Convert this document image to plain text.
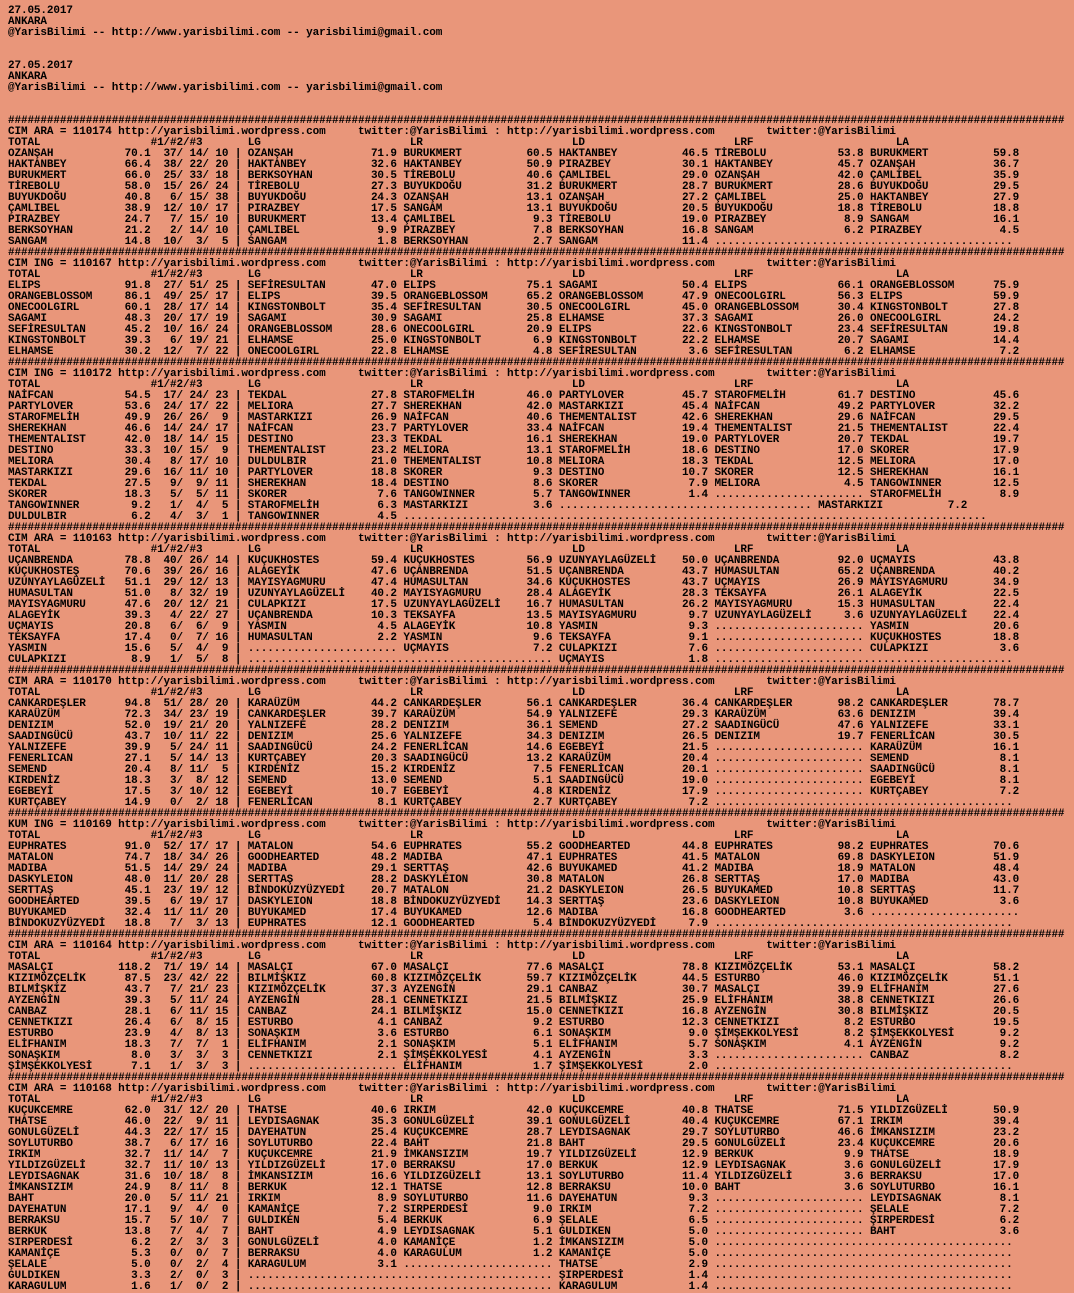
27.05.2017
ANKARA
@YarisBilimi -- http://www.yarisbilimi.com -- yarisbilimi@gmail.com

27.05.2017
ANKARA
@YarisBilimi -- http://www.yarisbilimi.com -- yarisbilimi@gmail.com

###################################################################################################################################################################
CIM ARA = 110174 http://yarisbilimi.wordpress.com     twitter:@YarisBilimi : http://yarisbilimi.wordpress.com        twitter:@YarisBilimi
TOTAL                 #1/#2/#3       LG                       LR                       LD                       LRF                      LA
OZANŞAH           70.1  37/ 14/ 10 | OZANŞAH            71.9 BURUKMERT          60.5 HAKTANBEY          46.5 TİREBOLU           53.8 BURUKMERT          59.8
HAKTANBEY         66.4  38/ 22/ 20 | HAKTANBEY          32.6 HAKTANBEY          50.9 PIRAZBEY           30.1 HAKTANBEY          45.7 OZANŞAH            36.7
BURUKMERT         66.0  25/ 33/ 18 | BERKSOYHAN         30.5 TİREBOLU           40.6 ÇAMLIBEL           29.0 OZANŞAH            42.0 ÇAMLIBEL           35.9
TİREBOLU          58.0  15/ 26/ 24 | TİREBOLU           27.3 BUYUKDOĞU          31.2 BURUKMERT          28.7 BURUKMERT          28.6 BUYUKDOĞU          29.5
BUYUKDOĞU         40.8   6/ 15/ 38 | BUYUKDOĞU          24.3 OZANŞAH            13.1 OZANŞAH            27.2 ÇAMLIBEL           25.0 HAKTANBEY          27.9
ÇAMLIBEL          38.9  12/ 10/ 17 | PIRAZBEY           17.5 SANGAM             13.1 BUYUKDOĞU          20.5 BUYUKDOĞU          18.8 TİREBOLU           18.8
PIRAZBEY          24.7   7/ 15/ 10 | BURUKMERT          13.4 ÇAMLIBEL            9.3 TİREBOLU           19.0 PIRAZBEY            8.9 SANGAM             16.1
BERKSOYHAN        21.2   2/ 14/ 10 | ÇAMLIBEL            9.9 PIRAZBEY            7.8 BERKSOYHAN         16.8 SANGAM              6.2 PIRAZBEY            4.5
SANGAM            14.8  10/  3/  5 | SANGAM              1.8 BERKSOYHAN          2.7 SANGAM             11.4 ..............................................
###################################################################################################################################################################
CIM ING = 110167 http://yarisbilimi.wordpress.com     twitter:@YarisBilimi : http://yarisbilimi.wordpress.com        twitter:@YarisBilimi
TOTAL                 #1/#2/#3       LG                       LR                       LD                       LRF                      LA
ELIPS             91.8  27/ 51/ 25 | SEFİRESULTAN       47.0 ELIPS              75.1 SAGAMI             50.4 ELIPS              66.1 ORANGEBLOSSOM      75.9
ORANGEBLOSSOM     86.1  49/ 25/ 17 | ELIPS              39.5 ORANGEBLOSSOM      65.2 ORANGEBLOSSOM      47.9 ONECOOLGIRL        56.3 ELIPS              59.9
ONECOOLGIRL       60.1  28/ 17/ 14 | KINGSTONBOLT       35.4 SEFİRESULTAN       30.5 ONECOOLGIRL        45.0 ORANGEBLOSSOM      30.4 KINGSTONBOLT       27.8
SAGAMI            48.3  20/ 17/ 19 | SAGAMI             30.9 SAGAMI             25.8 ELHAMSE            37.3 SAGAMI             26.0 ONECOOLGIRL        24.2
SEFİRESULTAN      45.2  10/ 16/ 24 | ORANGEBLOSSOM      28.6 ONECOOLGIRL        20.9 ELIPS              22.6 KINGSTONBOLT       23.4 SEFİRESULTAN       19.8
KINGSTONBOLT      39.3   6/ 19/ 21 | ELHAMSE            25.0 KINGSTONBOLT        6.9 KINGSTONBOLT       22.2 ELHAMSE            20.7 SAGAMI             14.4
ELHAMSE           30.2  12/  7/ 22 | ONECOOLGIRL        22.8 ELHAMSE             4.8 SEFİRESULTAN        3.6 SEFİRESULTAN        6.2 ELHAMSE             7.2
###################################################################################################################################################################
CIM ING = 110172 http://yarisbilimi.wordpress.com     twitter:@YarisBilimi : http://yarisbilimi.wordpress.com        twitter:@YarisBilimi
TOTAL                 #1/#2/#3       LG                       LR                       LD                       LRF                      LA
NAİFCAN           54.5  17/ 24/ 23 | TEKDAL             27.8 STAROFMELİH        46.0 PARTYLOVER         45.7 STAROFMELİH        61.7 DESTINO            45.6
PARTYLOVER        53.6  24/ 17/ 22 | MELIORA            27.7 SHEREKHAN          42.0 MASTARKIZI         45.4 NAİFCAN            49.2 PARTYLOVER         32.2
STAROFMELİH       49.9  26/ 26/  9 | MASTARKIZI         26.9 NAİFCAN            40.6 THEMENTALIST       42.6 SHEREKHAN          29.6 NAİFCAN            29.5
SHEREKHAN         46.6  14/ 24/ 17 | NAİFCAN            23.7 PARTYLOVER         33.4 NAİFCAN            19.4 THEMENTALIST       21.5 THEMENTALIST       22.4
THEMENTALIST      42.0  18/ 14/ 15 | DESTINO            23.3 TEKDAL             16.1 SHEREKHAN          19.0 PARTYLOVER         20.7 TEKDAL             19.7
DESTINO           33.3  10/ 15/  9 | THEMENTALIST       23.2 MELIORA            13.1 STAROFMELİH        18.6 DESTINO            17.0 SKORER             17.9
MELIORA           30.4   8/ 17/ 10 | DULDULBIR          21.0 THEMENTALIST       10.8 MELIORA            18.3 TEKDAL             12.5 MELIORA            17.0
MASTARKIZI        29.6  16/ 11/ 10 | PARTYLOVER         18.8 SKORER              9.3 DESTINO            10.7 SKORER             12.5 SHEREKHAN          16.1
TEKDAL            27.5   9/  9/ 11 | SHEREKHAN          18.4 DESTINO             8.6 SKORER              7.9 MELIORA             4.5 TANGOWINNER        12.5
SKORER            18.3   5/  5/ 11 | SKORER              7.6 TANGOWINNER         5.7 TANGOWINNER         1.4 ....................... STAROFMELİH         8.9
TANGOWINNER        9.2   1/  4/  5 | STAROFMELİH         6.3 MASTARKIZI          3.6 ....................................... MASTARKIZI          7.2
DULDULBIR          6.2   4/  3/  1 | TANGOWINNER         4.5 ..........................................................................................
###################################################################################################################################################################
CIM ARA = 110163 http://yarisbilimi.wordpress.com     twitter:@YarisBilimi : http://yarisbilimi.wordpress.com        twitter:@YarisBilimi
TOTAL                 #1/#2/#3       LG                       LR                       LD                       LRF                      LA
UÇANBRENDA        78.8  40/ 26/ 14 | KUÇUKHOSTES        59.4 KUÇUKHOSTES        56.9 UZUNYAYLAGÜZELİ    50.0 UÇANBRENDA         92.0 UÇMAYIS            43.8
KUÇUKHOSTEŞ       70.6  39/ 26/ 16 | ALAGEYİK           47.6 UÇANBRENDA         51.5 UÇANBRENDA         43.7 HUMASULTAN         65.2 UÇANBRENDA         40.2
UZUNYAYLAGÜZELİ   51.1  29/ 12/ 13 | MAYISYAGMURU       47.4 HUMASULTAN         34.6 KUÇUKHOSTES        43.7 UÇMAYIS            26.9 MAYISYAGMURU       34.9
HUMASULTAN        51.0   8/ 32/ 19 | UZUNYAYLAGÜZELİ    40.2 MAYISYAGMURU       28.4 ALAGEYİK           28.3 TEKSAYFA           26.1 ALAGEYİK           22.5
MAYISYAGMURU      47.6  20/ 12/ 21 | CULAPKIZI          17.5 UZUNYAYLAGÜZELİ    16.7 HUMASULTAN         26.2 MAYISYAGMURU       15.3 HUMASULTAN         22.4
ALAGEYİK          39.3   4/ 22/ 27 | UÇANBRENDA         10.3 TEKSAYFA           13.5 MAYISYAGMURU        9.7 UZUNYAYLAGÜZELİ     3.6 UZUNYAYLAGÜZELİ    22.4
UÇMAYIS           20.8   6/  6/  9 | YASMIN              4.5 ALAGEYİK           10.8 YASMIN              9.3 ....................... YASMIN             20.6
TEKSAYFA          17.4   0/  7/ 16 | HUMASULTAN          2.2 YASMIN              9.6 TEKSAYFA            9.1 ....................... KUÇUKHOSTES        18.8
YASMIN            15.6   5/  4/  9 | ....................... UÇMAYIS             7.2 CULAPKIZI           7.6 ....................... CULAPKIZI           3.6
CULAPKIZI          8.9   1/  5/  8 | ............................................... UÇMAYIS             1.8 ..............................................
###################################################################################################################################################################
CIM ARA = 110170 http://yarisbilimi.wordpress.com     twitter:@YarisBilimi : http://yarisbilimi.wordpress.com        twitter:@YarisBilimi
TOTAL                 #1/#2/#3       LG                       LR                       LD                       LRF                      LA
CANKARDEŞLER      94.8  51/ 28/ 20 | KARAÜZÜM           44.2 CANKARDEŞLER       56.1 CANKARDEŞLER       36.4 CANKARDEŞLER       98.2 CANKARDEŞLER       78.7
KARAÜZÜM          72.3  34/ 23/ 19 | CANKARDEŞLER       39.7 KARAÜZÜM           54.9 YALNIZEFE          29.3 KARAÜZÜM           63.6 DENIZIM            39.4
DENIZIM           52.0  19/ 21/ 20 | YALNIZEFE          28.2 DENIZIM            36.1 SEMEND             27.2 SAADINGÜCÜ         47.6 YALNIZEFE          33.1
SAADINGÜCÜ        43.7  10/ 11/ 22 | DENIZIM            25.6 YALNIZEFE          34.3 DENIZIM            26.5 DENIZIM            19.7 FENERLİCAN         30.5
YALNIZEFE         39.9   5/ 24/ 11 | SAADINGÜCÜ         24.2 FENERLİCAN         14.6 EGEBEYİ            21.5 ....................... KARAÜZÜM           16.1
FENERLICAN        27.1   5/ 14/ 13 | KURTÇABEY          20.3 SAADINGÜCÜ         13.2 KARAÜZÜM           20.4 ....................... SEMEND              8.1
SEMEND            20.4   8/ 11/  5 | KIRDENİZ           15.2 KIRDENİZ            7.5 FENERLİCAN         20.1 ....................... SAADINGÜCÜ          8.1
KIRDENİZ          18.3   3/  8/ 12 | SEMEND             13.0 SEMEND              5.1 SAADINGÜCÜ         19.0 ....................... EGEBEYİ             8.1
EGEBEYİ           17.5   3/ 10/ 12 | EGEBEYİ            10.7 EGEBEYİ             4.8 KIRDENİZ           17.9 ....................... KURTÇABEY           7.2
KURTÇABEY         14.9   0/  2/ 18 | FENERLİCAN          8.1 KURTÇABEY           2.7 KURTÇABEY           7.2 ..............................................
###################################################################################################################################################################
KUM ING = 110169 http://yarisbilimi.wordpress.com     twitter:@YarisBilimi : http://yarisbilimi.wordpress.com        twitter:@YarisBilimi
TOTAL                 #1/#2/#3       LG                       LR                       LD                       LRF                      LA
EUPHRATES         91.0  52/ 17/ 17 | MATALON            54.6 EUPHRATES          55.2 GOODHEARTED        44.8 EUPHRATES          98.2 EUPHRATES          70.6
MATALON           74.7  18/ 34/ 26 | GOODHEARTED        48.2 MADIBA             47.1 EUPHRATES          41.5 MATALON            69.8 DASKYLEION         51.9
MADIBA            51.5  14/ 29/ 24 | MADIBA             29.1 SERTTAŞ            42.6 BUYUKAMED          41.2 MADIBA             18.9 MATALON            48.4
DASKYLEION        48.0  11/ 20/ 28 | SERTTAŞ            28.2 DASKYLEION         30.8 MATALON            26.8 SERTTAŞ            17.0 MADIBA             43.0
SERTTAŞ           45.1  23/ 19/ 12 | BİNDOKUZYÜZYEDİ    20.7 MATALON            21.2 DASKYLEION         26.5 BUYUKAMED          10.8 SERTTAŞ            11.7
GOODHEARTED       39.5   6/ 19/ 17 | DASKYLEION         18.8 BİNDOKUZYÜZYEDİ    14.3 SERTTAŞ            23.6 DASKYLEION         10.8 BUYUKAMED           3.6
BUYUKAMED         32.4  11/ 11/ 20 | BUYUKAMED          17.4 BUYUKAMED          12.6 MADIBA             16.8 GOODHEARTED         3.6 .......................
BİNDOKUZYÜZYEDİ   18.8   7/  3/ 13 | EUPHRATES          12.1 GOODHEARTED         5.4 BİNDOKUZYÜZYEDİ     7.9 ..............................................
###################################################################################################################################################################
CIM ARA = 110164 http://yarisbilimi.wordpress.com     twitter:@YarisBilimi : http://yarisbilimi.wordpress.com        twitter:@YarisBilimi
TOTAL                 #1/#2/#3       LG                       LR                       LD                       LRF                      LA
MASALÇI          118.2  71/ 19/ 14 | MASALÇI            67.0 MASALÇI            77.6 MASALÇI            78.8 KIZIMÖZÇELİK       53.1 MASALÇI            58.2
KIZIMÖZÇELİK      87.5  23/ 42/ 22 | BILMİŞKIZ          60.8 KIZIMÖZÇELİK       59.7 KIZIMÖZÇELİK       44.5 ESTURBO            46.0 KIZIMÖZÇELİK       51.1
BILMİŞKIZ         43.7   7/ 21/ 23 | KIZIMÖZÇELİK       37.3 AYZENGİN           29.1 CANBAZ             30.7 MASALÇI            39.9 ELİFHANIM          27.6
AYZENGİN          39.3   5/ 11/ 24 | AYZENGİN           28.1 CENNETKIZI         21.5 BILMİŞKIZ          25.9 ELİFHANIM          38.8 CENNETKIZI         26.6
CANBAZ            28.1   6/ 11/ 15 | CANBAZ             24.1 BILMİŞKIZ          15.0 CENNETKIZI         16.8 AYZENGİN           30.8 BILMİŞKIZ          20.5
CENNETKIZI        26.4   6/  8/ 15 | ESTURBO             4.1 CANBAZ              9.2 ESTURBO            12.3 CENNETKIZI          8.2 ESTURBO            19.5
ESTURBO           23.9   4/  8/ 13 | SONAŞKIM            3.6 ESTURBO             6.1 SONAŞKIM            9.0 ŞİMŞEKKOLYESİ       8.2 ŞİMŞEKKOLYESİ       9.2
ELİFHANIM         18.3   7/  7/  1 | ELİFHANIM           2.1 SONAŞKIM            5.1 ELİFHANIM           5.7 SONAŞKIM            4.1 AYZENGİN            9.2
SONAŞKIM           8.0   3/  3/  3 | CENNETKIZI          2.1 ŞİMŞEKKOLYESİ       4.1 AYZENGİN            3.3 ....................... CANBAZ              8.2
ŞİMŞEKKOLYESİ      7.1   1/  3/  3 | ....................... ELİFHANIM           1.7 ŞİMŞEKKOLYESİ       2.0 ..............................................
###################################################################################################################################################################
CIM ARA = 110168 http://yarisbilimi.wordpress.com     twitter:@YarisBilimi : http://yarisbilimi.wordpress.com        twitter:@YarisBilimi
TOTAL                 #1/#2/#3       LG                       LR                       LD                       LRF                      LA
KUÇUKCEMRE        62.0  31/ 12/ 20 | THATSE             40.6 IRKIM              42.0 KUÇUKCEMRE         40.8 THATSE             71.5 YILDIZGÜZELİ       50.9
THATSE            46.0  22/  9/ 11 | LEYDISAGNAK        35.3 GONULGÜZELİ        39.1 GONULGÜZELİ        40.4 KUÇUKCEMRE         67.1 IRKIM              39.4
GONULGÜZELİ       44.3  22/ 17/ 15 | DAYEHATUN          25.4 KUÇUKCEMRE         28.7 LEYDISAGNAK        29.7 SOYLUTURBO         46.6 İMKANSIZIM         23.2
SOYLUTURBO        38.7   6/ 17/ 16 | SOYLUTURBO         22.4 BAHT               21.8 BAHT               29.5 GONULGÜZELİ        23.4 KUÇUKCEMRE         20.6
IRKIM             32.7  11/ 14/  7 | KUÇUKCEMRE         21.9 İMKANSIZIM         19.7 YILDIZGÜZELİ       12.9 BERKUK              9.9 THATSE             18.9
YILDIZGÜZELİ      32.7  11/ 10/ 13 | YILDIZGÜZELİ       17.0 BERRAKSU           17.0 BERKUK             12.9 LEYDISAGNAK         3.6 GONULGÜZELİ        17.9
LEYDISAGNAK       31.6  10/ 18/  8 | İMKANSIZIM         16.6 YILDIZGÜZELİ       13.1 SOYLUTURBO         11.4 YILDIZGÜZELİ        3.6 BERRAKSU           17.0
İMKANSIZIM        24.9   8/ 11/  8 | BERKUK             12.1 THATSE             12.8 BERRAKSU           10.0 BAHT                3.6 SOYLUTURBO         16.1
BAHT              20.0   5/ 11/ 21 | IRKIM               8.9 SOYLUTURBO         11.6 DAYEHATUN           9.3 ....................... LEYDISAGNAK         8.1
DAYEHATUN         17.1   9/  4/  0 | KAMANİÇE            7.2 SIRPERDESİ          9.0 IRKIM               7.2 ....................... ŞELALE              7.2
BERRAKSU          15.7   5/ 10/  7 | GULDIKEN            5.4 BERKUK              6.9 ŞELALE              6.5 ....................... ŞIRPERDESİ          6.2
BERKUK            13.8   7/  4/  7 | BAHT                4.9 LEYDISAGNAK         5.1 GULDIKEN            5.0 ....................... BAHT                3.6
SIRPERDESİ         6.2   2/  3/  3 | GONULGÜZELİ         4.0 KAMANİÇE            1.2 İMKANSIZIM          5.0 ..............................................
KAMANİÇE           5.3   0/  0/  7 | BERRAKSU            4.0 KARAGULUM           1.2 KAMANİÇE            5.0 ..............................................
ŞELALE             5.0   0/  2/  4 | KARAGULUM           3.1 ....................... THATSE              2.9 ..............................................
GULDIKEN           3.3   2/  0/  3 | ............................................... ŞIRPERDESİ          1.4 ..............................................
KARAGULUM          1.6   1/  0/  2 | ............................................... KARAGULUM           1.4 ..............................................
